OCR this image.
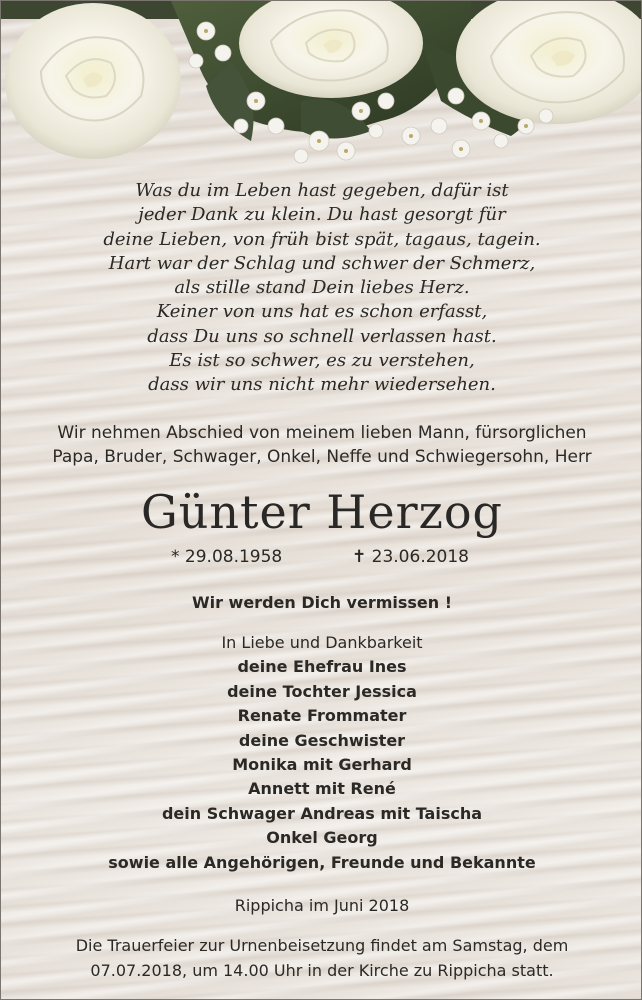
Was du im Leben hast gegeben, dafür ist
jeder Dank zu klein. Du hast gesorgt für
deine Lieben, von früh bist spät, tagaus, tagein.
Hart war der Schlag und schwer der Schmerz,
als stille stand Dein liebes Herz.
Keiner von uns hat es schon erfasst,
dass Du uns so schnell verlassen hast.
Es ist so schwer, es zu verstehen,
dass wir uns nicht mehr wiedersehen.
Wir nehmen Abschied von meinem lieben Mann, fürsorglichen
Papa, Bruder, Schwager, Onkel, Neffe und Schwiegersohn, Herr
Günter Herzog
* 29.08.1958	✝ 23.06.2018
Wir werden Dich vermissen !
In Liebe und Dankbarkeit
deine Ehefrau Ines
deine Tochter Jessica
Renate Frommater
deine Geschwister
Monika mit Gerhard
Annett mit René
dein Schwager Andreas mit Taischa
Onkel Georg
sowie alle Angehörigen, Freunde und Bekannte
Rippicha im Juni 2018
Die Trauerfeier zur Urnenbeisetzung findet am Samstag, dem
07.07.2018, um 14.00 Uhr in der Kirche zu Rippicha statt.
